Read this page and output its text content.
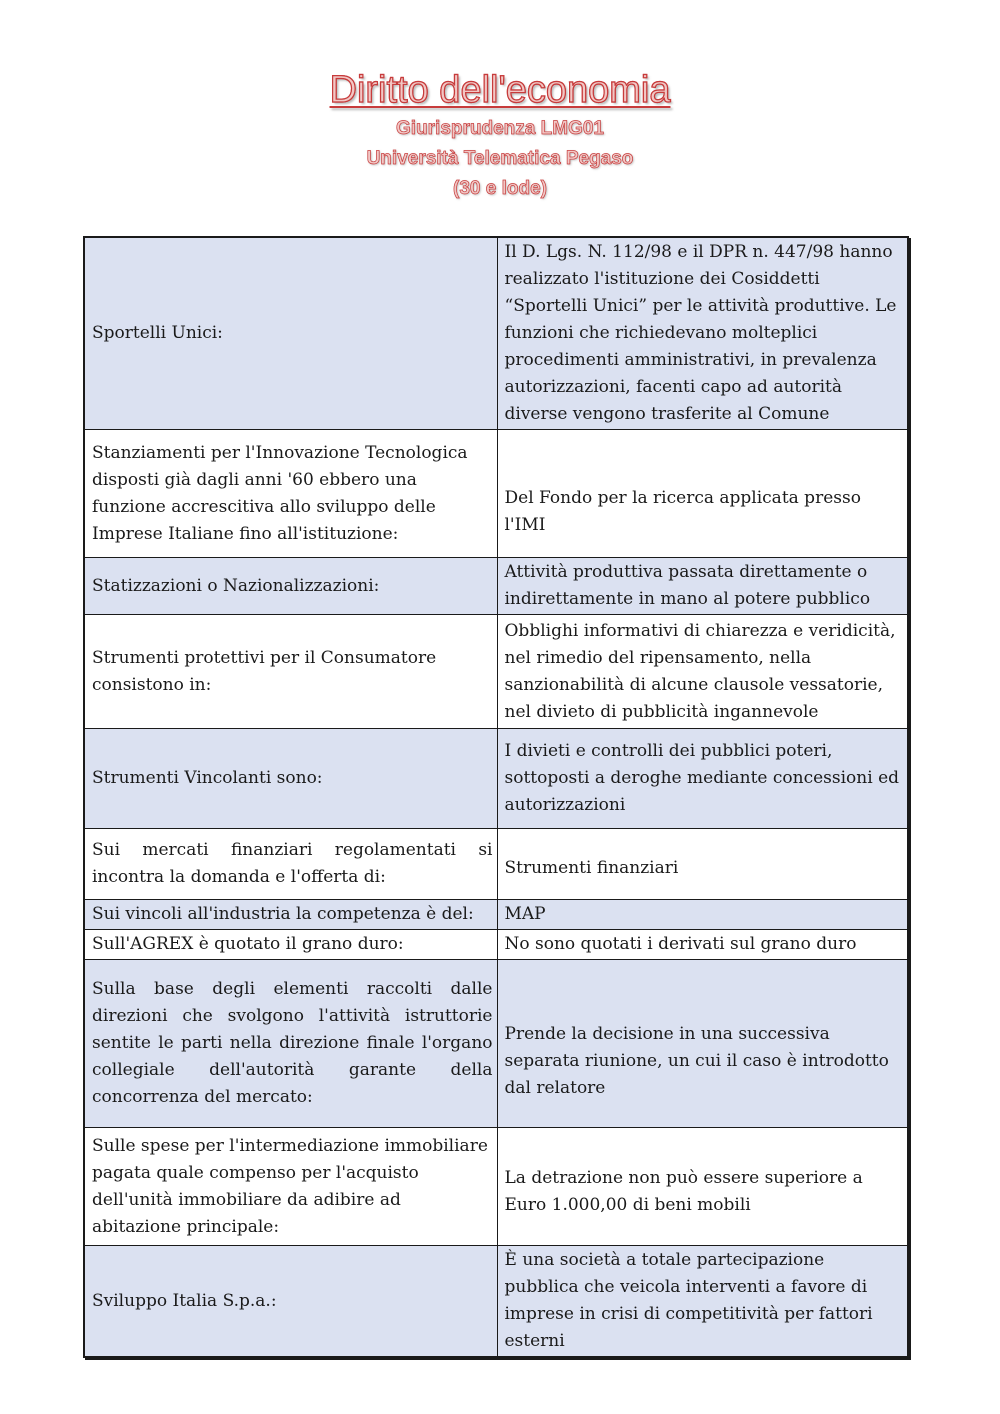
Diritto dell'economia
Giurisprudenza LMG01
Università Telematica Pegaso
(30 e lode)
Sportelli Unici:	Il D. Lgs. N. 112/98 e il DPR n. 447/98 hanno realizzato l'istituzione dei Cosiddetti “Sportelli Unici” per le attività produttive. Le funzioni che richiedevano molteplici procedimenti amministrativi, in prevalenza autorizzazioni, facenti capo ad autorità diverse vengono trasferite al Comune
Stanziamenti per l'Innovazione Tecnologica disposti già dagli anni '60 ebbero una funzione accrescitiva allo sviluppo delle Imprese Italiane fino all'istituzione:	Del Fondo per la ricerca applicata presso l'IMI
Statizzazioni o Nazionalizzazioni:	Attività produttiva passata direttamente o indirettamente in mano al potere pubblico
Strumenti protettivi per il Consumatore consistono in:	Obblighi informativi di chiarezza e veridicità, nel rimedio del ripensamento, nella sanzionabilità di alcune clausole vessatorie, nel divieto di pubblicità ingannevole
Strumenti Vincolanti sono:	I divieti e controlli dei pubblici poteri, sottoposti a deroghe mediante concessioni ed autorizzazioni
Sui mercati finanziari regolamentati si incontra la domanda e l'offerta di:	Strumenti finanziari
Sui vincoli all'industria la competenza è del:	MAP
Sull'AGREX è quotato il grano duro:	No sono quotati i derivati sul grano duro
Sulla base degli elementi raccolti dalle direzioni che svolgono l'attività istruttorie sentite le parti nella direzione finale l'organo collegiale dell'autorità garante della concorrenza del mercato:	Prende la decisione in una successiva separata riunione, un cui il caso è introdotto dal relatore
Sulle spese per l'intermediazione immobiliare pagata quale compenso per l'acquisto dell'unità immobiliare da adibire ad abitazione principale:	La detrazione non può essere superiore a Euro 1.000,00 di beni mobili
Sviluppo Italia S.p.a.:	È una società a totale partecipazione pubblica che veicola interventi a favore di imprese in crisi di competitività per fattori esterni
